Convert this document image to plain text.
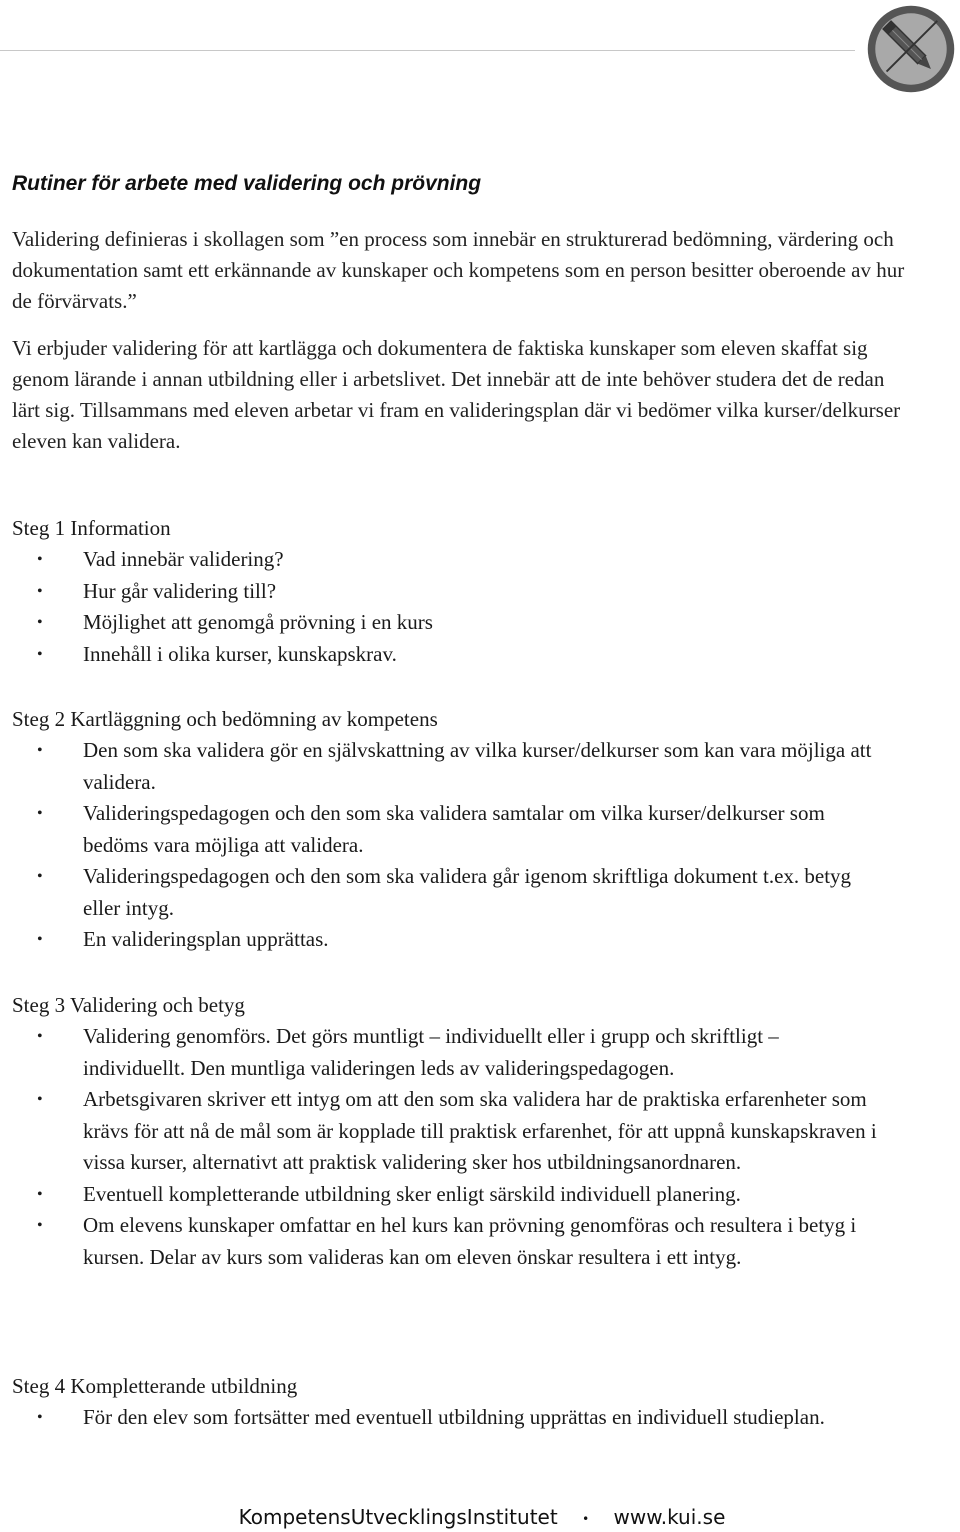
Rutiner för arbete med validering och prövning

Validering definieras i skollagen som ”en process som innebär en strukturerad bedömning, värdering och dokumentation samt ett erkännande av kunskaper och kompetens som en person besitter oberoende av hur de förvärvats.”

Vi erbjuder validering för att kartlägga och dokumentera de faktiska kunskaper som eleven skaffat sig genom lärande i annan utbildning eller i arbetslivet. Det innebär att de inte behöver studera det de redan lärt sig. Tillsammans med eleven arbetar vi fram en valideringsplan där vi bedömer vilka kurser/delkurser eleven kan validera.

Steg 1 Information
• Vad innebär validering?
• Hur går validering till?
• Möjlighet att genomgå prövning i en kurs
• Innehåll i olika kurser, kunskapskrav.
Steg 2 Kartläggning och bedömning av kompetens
• Den som ska validera gör en självskattning av vilka kurser/delkurser som kan vara möjliga att validera.
• Valideringspedagogen och den som ska validera samtalar om vilka kurser/delkurser som bedöms vara möjliga att validera.
• Valideringspedagogen och den som ska validera går igenom skriftliga dokument t.ex. betyg eller intyg.
• En valideringsplan upprättas.
Steg 3 Validering och betyg
• Validering genomförs. Det görs muntligt – individuellt eller i grupp och skriftligt – individuellt. Den muntliga valideringen leds av valideringspedagogen.
• Arbetsgivaren skriver ett intyg om att den som ska validera har de praktiska erfarenheter som krävs för att nå de mål som är kopplade till praktisk erfarenhet, för att uppnå kunskapskraven i vissa kurser, alternativt att praktisk validering sker hos utbildningsanordnaren.
• Eventuell kompletterande utbildning sker enligt särskild individuell planering.
• Om elevens kunskaper omfattar en hel kurs kan prövning genomföras och resultera i betyg i kursen. Delar av kurs som valideras kan om eleven önskar resultera i ett intyg.
Steg 4 Kompletterande utbildning
• För den elev som fortsätter med eventuell utbildning upprättas en individuell studieplan.
KompetensUtvecklingsInstitutet • www.kui.se
